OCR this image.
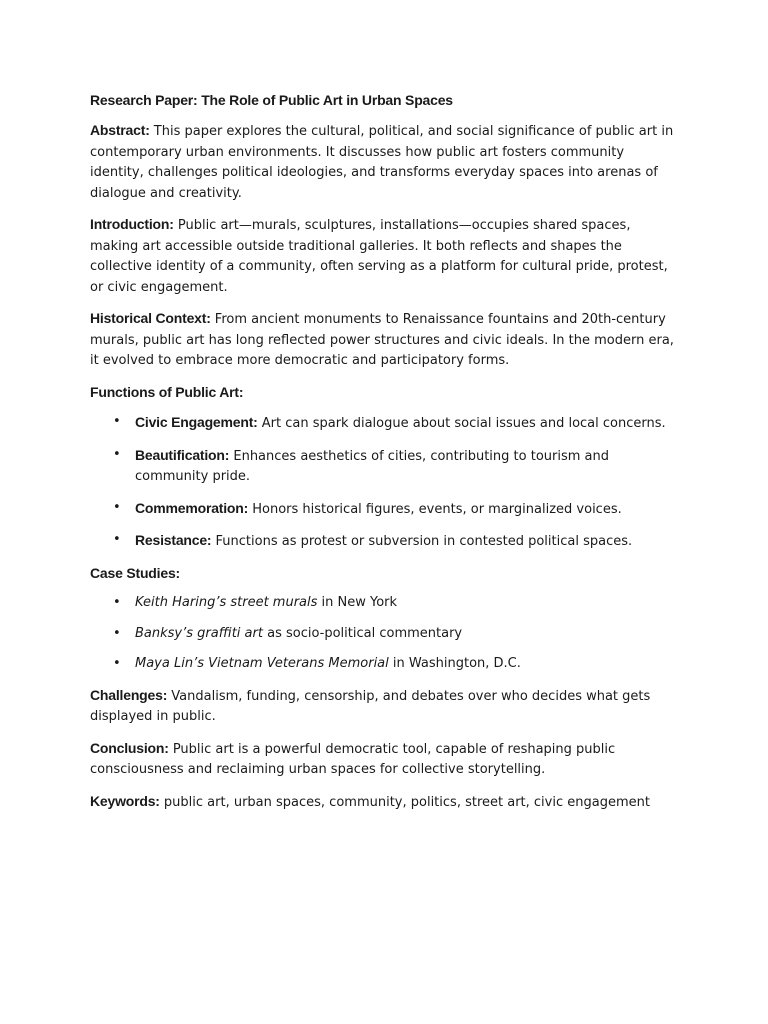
Research Paper: The Role of Public Art in Urban Spaces

Abstract: This paper explores the cultural, political, and social significance of public art in contemporary urban environments. It discusses how public art fosters community identity, challenges political ideologies, and transforms everyday spaces into arenas of dialogue and creativity.

Introduction: Public art—murals, sculptures, installations—occupies shared spaces, making art accessible outside traditional galleries. It both reflects and shapes the collective identity of a community, often serving as a platform for cultural pride, protest, or civic engagement.

Historical Context: From ancient monuments to Renaissance fountains and 20th-century murals, public art has long reflected power structures and civic ideals. In the modern era, it evolved to embrace more democratic and participatory forms.

Functions of Public Art:
• Civic Engagement: Art can spark dialogue about social issues and local concerns.
• Beautification: Enhances aesthetics of cities, contributing to tourism and community pride.
• Commemoration: Honors historical figures, events, or marginalized voices.
• Resistance: Functions as protest or subversion in contested political spaces.
Case Studies:
• Keith Haring’s street murals in New York
• Banksy’s graffiti art as socio-political commentary
• Maya Lin’s Vietnam Veterans Memorial in Washington, D.C.

Challenges: Vandalism, funding, censorship, and debates over who decides what gets displayed in public.

Conclusion: Public art is a powerful democratic tool, capable of reshaping public consciousness and reclaiming urban spaces for collective storytelling.

Keywords: public art, urban spaces, community, politics, street art, civic engagement
